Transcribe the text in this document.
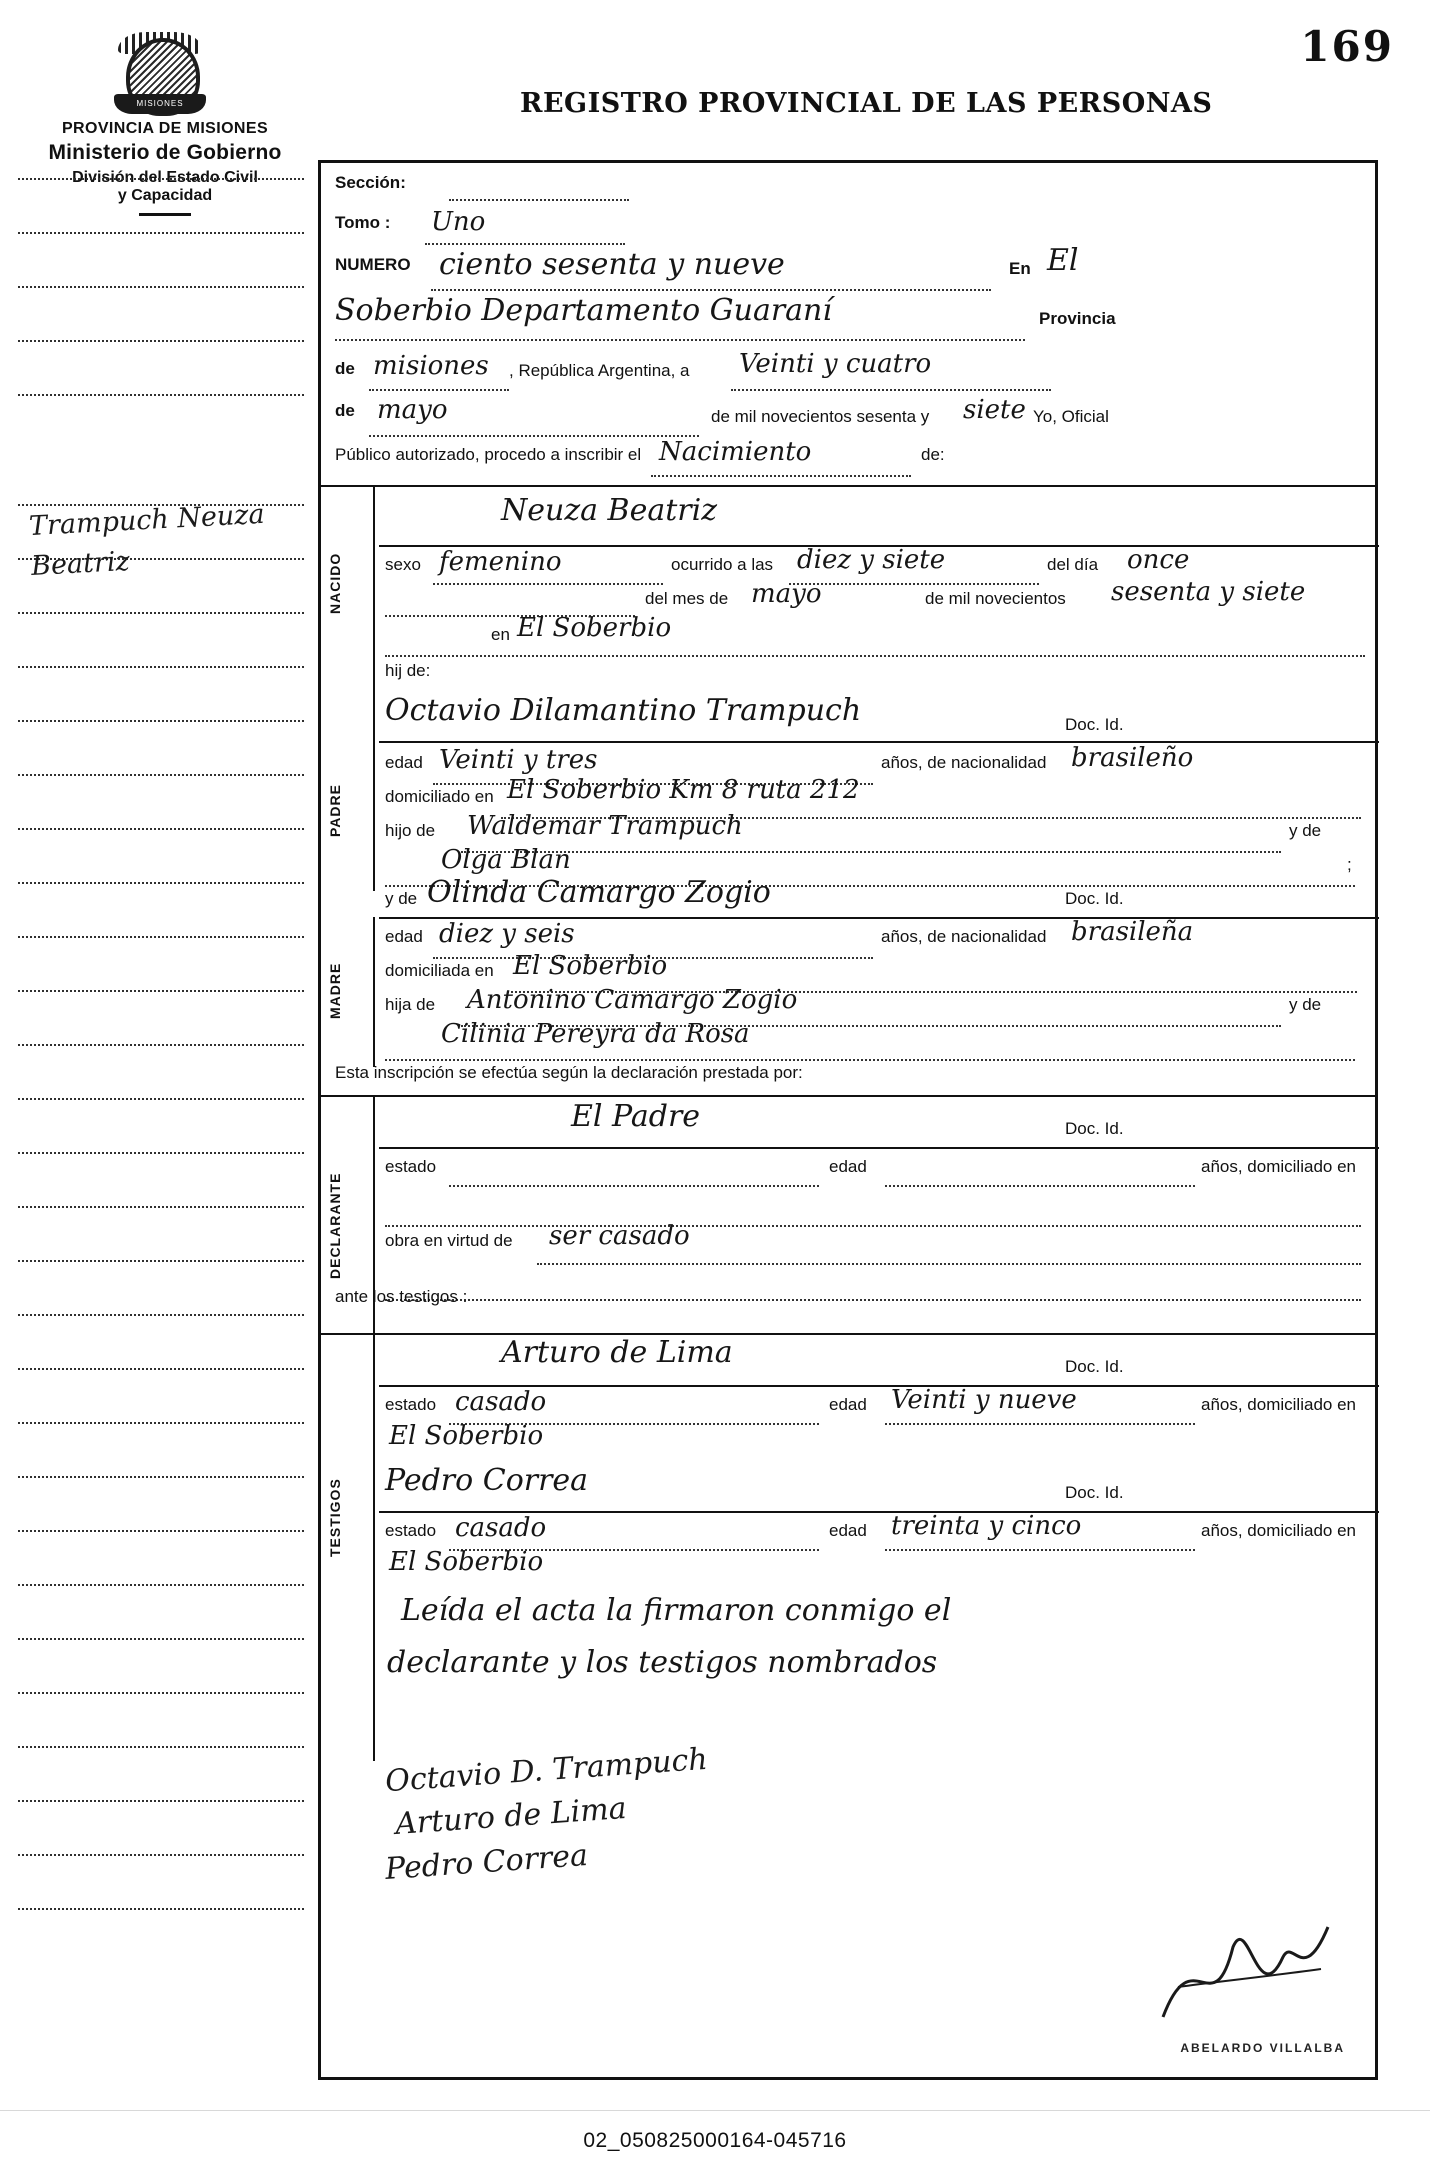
169
MISIONES
PROVINCIA DE MISIONES
Ministerio de Gobierno
División del Estado Civil
y Capacidad
REGISTRO PROVINCIAL DE LAS PERSONAS
Trampuch Neuza Beatriz
Sección:
Tomo : Uno
NUMERO ciento sesenta y nueve	En El
Soberbio Departamento Guaraní	Provincia
de misiones , República Argentina, a Veinti y cuatro
de mayo	de mil novecientos sesenta y siete Yo, Oficial
Público autorizado, procedo a inscribir el Nacimiento	de:
NACIDO
Neuza Beatriz
sexo femenino	ocurrido a las diez y siete	del día once
del mes de mayo	de mil novecientos sesenta y siete
en El Soberbio
hij de:
Octavio Dilamantino Trampuch	Doc. Id.
PADRE
edad Veinti y tres	años, de nacionalidad brasileño
domiciliado en El Soberbio Km 8 ruta 212
hijo de Waldemar Trampuch	y de
Olga Blan	;
y de Olinda Camargo Zogio	Doc. Id.
MADRE
edad diez y seis	años, de nacionalidad brasileña
domiciliada en El Soberbio
hija de Antonino Camargo Zogio	y de
Cilinia Pereyra da Rosa
Esta inscripción se efectúa según la declaración prestada por:
DECLARANTE
El Padre	Doc. Id.
estado	edad	años, domiciliado en
obra en virtud de ser casado
ante los testigos :
TESTIGOS
Arturo de Lima	Doc. Id.
estado casado	edad Veinti y nueve	años, domiciliado en
El Soberbio
Pedro Correa	Doc. Id.
estado casado	edad treinta y cinco	años, domiciliado en
El Soberbio
Leída el acta la firmaron conmigo el
declarante y los testigos nombrados
Octavio D. Trampuch
Arturo de Lima
Pedro Correa
ABELARDO VILLALBA
02_050825000164-045716
